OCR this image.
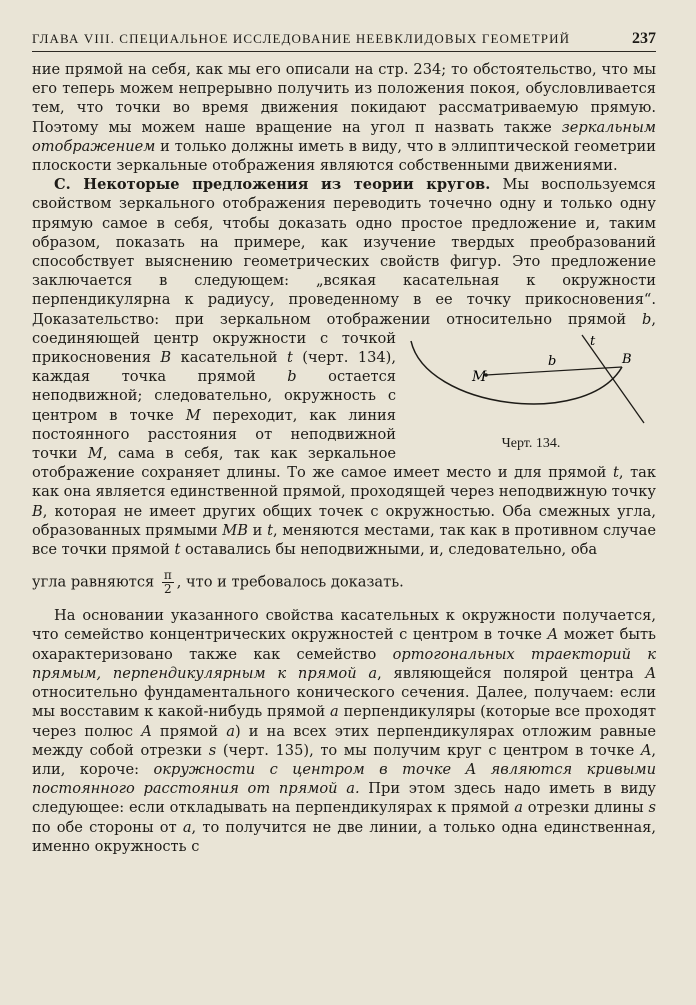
ГЛАВА VIII. СПЕЦИАЛЬНОЕ ИССЛЕДОВАНИЕ НЕЕВКЛИДОВЫХ ГЕОМЕТРИЙ	237

ние прямой на себя, как мы его описали на стр. 234; то обстоятельство, что мы его теперь можем непрерывно получить из положения покоя, обусловливается тем, что точки во время движения покидают рассматриваемую прямую. Поэтому мы можем наше вращение на угол π назвать также зеркальным отображением и только должны иметь в виду, что в эллиптической геометрии плоскости зеркальные отображения являются собственными движениями.

С. Некоторые предложения из теории кругов. Мы воспользуемся свойством зеркального отображения переводить точечно одну и только одну прямую самое в себя, чтобы доказать одно простое предложение и, таким образом, показать на примере, как изучение твердых преобразований способствует выяснению геометрических свойств фигур. Это предложение заключается в следующем: „всякая касательная к окружности перпендикулярна к радиусу, проведенному в ее точку прикосновения“. Доказательство: при зеркальном отображении относительно прямой
M
b	B
t
Черт. 134.
b, соединяющей центр окружности с точкой прикосновения B касательной t (черт. 134), каждая точка прямой b остается неподвижной; следовательно, окружность с центром в точке M переходит, как линия постоянного расстояния от неподвижной точки M, сама в себя, так как зеркальное отображение сохраняет длины. То же самое имеет место и для прямой t, так как она является единственной прямой, проходящей через неподвижную точку B, которая не имеет других общих точек с окружностью. Оба смежных угла, образованных прямыми MB и t, меняются местами, так как в противном случае все точки прямой t оставались бы неподвижными, и, следовательно, оба

угла равняются $\frac{\pi}{2}$ , что и требовалось доказать.

На основании указанного свойства касательных к окружности получается, что семейство концентрических окружностей с центром в точке A может быть охарактеризовано также как семейство ортогональных траекторий к прямым, перпендикулярным к прямой a, являющейся полярой центра A относительно фундаментального конического сечения. Далее, получаем: если мы восставим к какой-нибудь прямой a перпендикуляры (которые все проходят через полюс A прямой a) и на всех этих перпендикулярах отложим равные между собой отрезки s (черт. 135), то мы получим круг с центром в точке A, или, короче: окружности с центром в точке A являются кривыми постоянного расстояния от прямой a. При этом здесь надо иметь в виду следующее: если откладывать на перпендикулярах к прямой a отрезки длины s по обе стороны от a, то получится не две линии, а только одна единственная, именно окружность с
